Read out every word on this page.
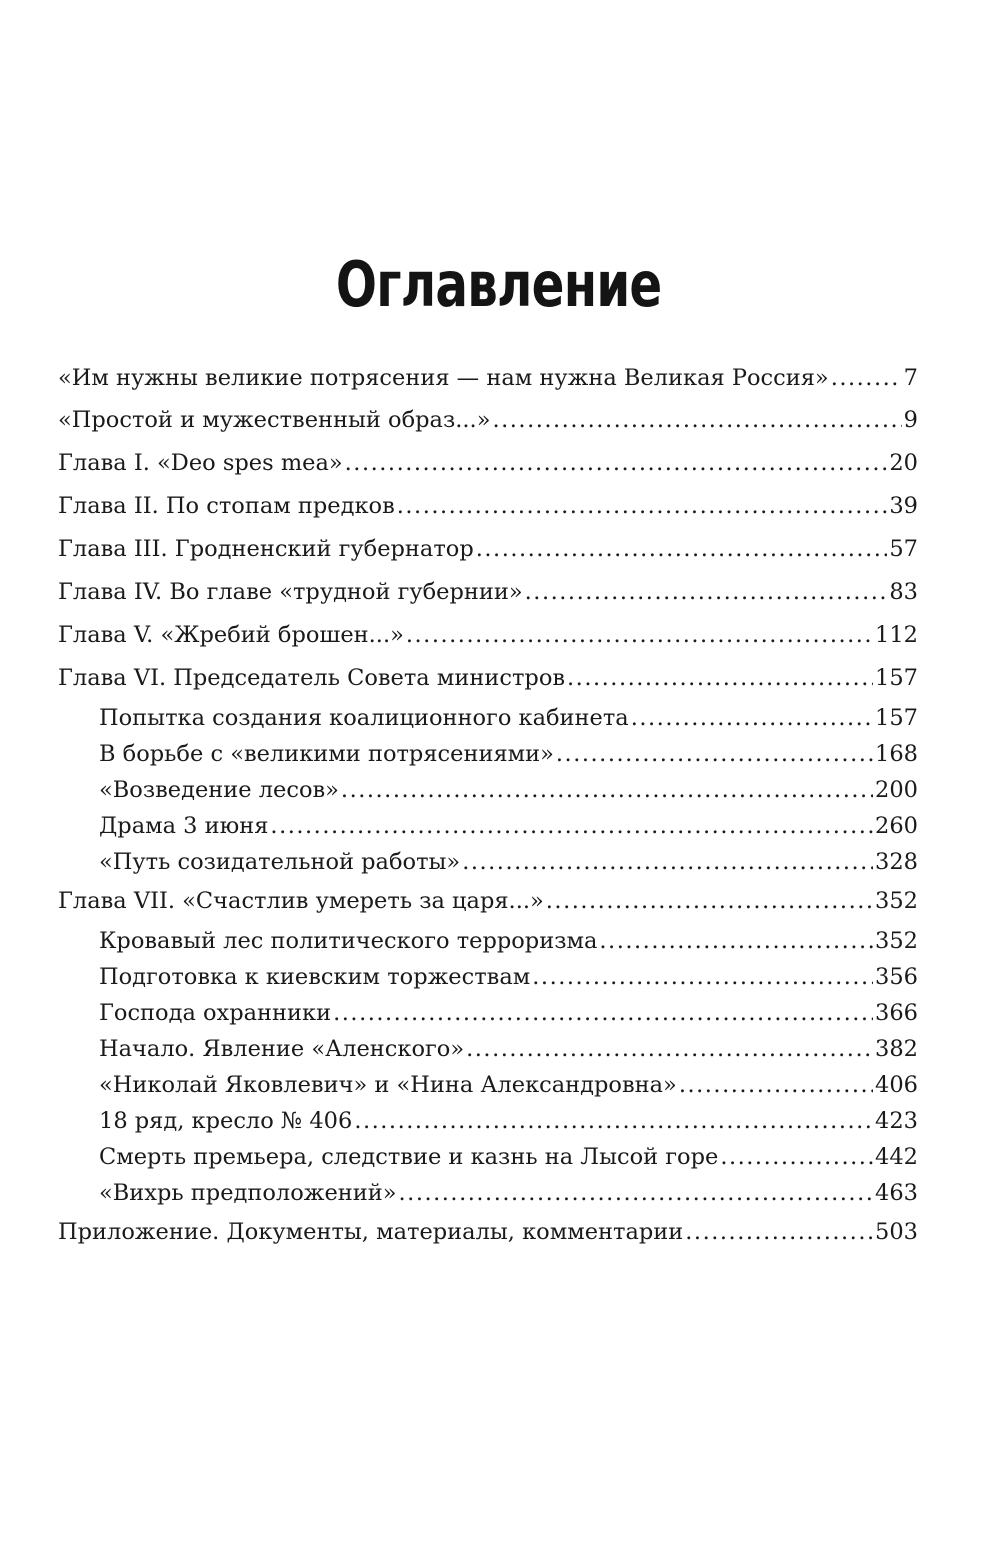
Оглавление
«Им нужны великие потрясения — нам нужна Великая Россия» .....	7
«Простой и мужественный образ...» .....	9
Глава I. «Deo spes mea» .....	20
Глава II. По стопам предков .....	39
Глава III. Гродненский губернатор .....	57
Глава IV. Во главе «трудной губернии» .....	83
Глава V. «Жребий брошен...» .....	112
Глава VI. Председатель Совета министров .....	157
Попытка создания коалиционного кабинета .....	157
В борьбе с «великими потрясениями» .....	168
«Возведение лесов» .....	200
Драма 3 июня .....	260
«Путь созидательной работы» .....	328
Глава VII. «Счастлив умереть за царя...» .....	352
Кровавый лес политического терроризма .....	352
Подготовка к киевским торжествам .....	356
Господа охранники .....	366
Начало. Явление «Аленского» .....	382
«Николай Яковлевич» и «Нина Александровна» .....	406
18 ряд, кресло № 406 .....	423
Смерть премьера, следствие и казнь на Лысой горе .....	442
«Вихрь предположений» .....	463
Приложение. Документы, материалы, комментарии .....	503
